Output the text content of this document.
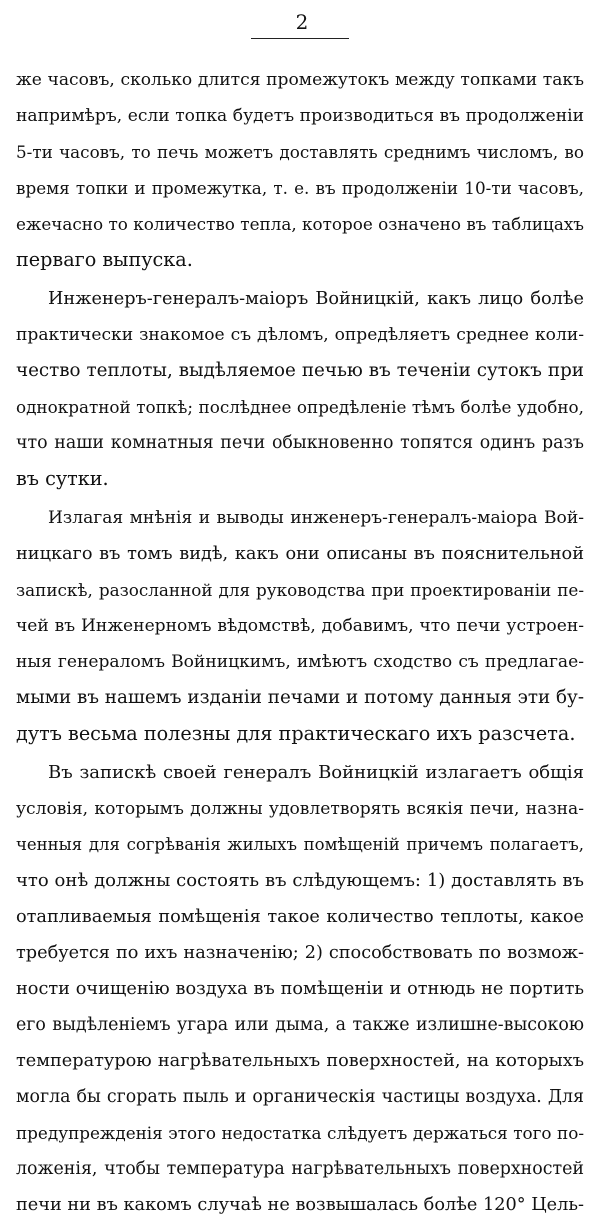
2
же часовъ, сколько длится промежутокъ между топками такъ
напримѣръ, если топка будетъ производиться въ продолженіи
5-ти часовъ, то печь можетъ доставлять среднимъ числомъ, во
время топки и промежутка, т. е. въ продолженіи 10-ти часовъ,
ежечасно то количество тепла, которое означено въ таблицахъ
перваго выпуска.
Инженеръ-генералъ-маіоръ Войницкій, какъ лицо болѣе
практически знакомое съ дѣломъ, опредѣляетъ среднее коли-
чество теплоты, выдѣляемое печью въ теченіи сутокъ при
однократной топкѣ; послѣднее опредѣленіе тѣмъ болѣе удобно,
что наши комнатныя печи обыкновенно топятся одинъ разъ
въ сутки.
Излагая мнѣнія и выводы инженеръ-генералъ-маіора Вой-
ницкаго въ томъ видѣ, какъ они описаны въ пояснительной
запискѣ, разосланной для руководства при проектированіи пе-
чей въ Инженерномъ вѣдомствѣ, добавимъ, что печи устроен-
ныя генераломъ Войницкимъ, имѣютъ сходство съ предлагае-
мыми въ нашемъ изданіи печами и потому данныя эти бу-
дутъ весьма полезны для практическаго ихъ разсчета.
Въ запискѣ своей генералъ Войницкій излагаетъ общія
условія, которымъ должны удовлетворять всякія печи, назна-
ченныя для согрѣванія жилыхъ помѣщеній причемъ полагаетъ,
что онѣ должны состоять въ слѣдующемъ: 1) доставлять въ
отапливаемыя помѣщенія такое количество теплоты, какое
требуется по ихъ назначенію; 2) способствовать по возмож-
ности очищенію воздуха въ помѣщеніи и отнюдь не портить
его выдѣленіемъ угара или дыма, а также излишне-высокою
температурою нагрѣвательныхъ поверхностей, на которыхъ
могла бы сгорать пыль и органическія частицы воздуха. Для
предупрежденія этого недостатка слѣдуетъ держаться того по-
ложенія, чтобы температура нагрѣвательныхъ поверхностей
печи ни въ какомъ случаѣ не возвышалась болѣе 120° Цель-
